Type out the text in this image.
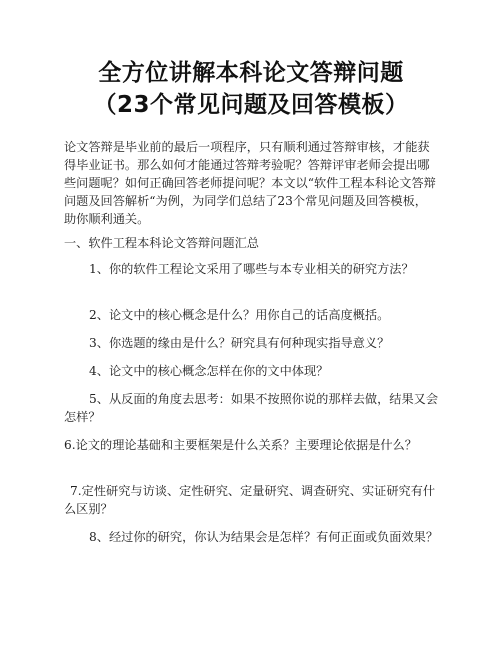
全方位讲解本科论文答辩问题
（23个常见问题及回答模板）

论文答辩是毕业前的最后一项程序，只有顺利通过答辩审核，才能获得毕业证书。那么如何才能通过答辩考验呢？答辩评审老师会提出哪些问题呢？如何正确回答老师提问呢？本文以“软件工程本科论文答辩问题及回答解析“为例，为同学们总结了23个常见问题及回答模板，助你顺利通关。

一、软件工程本科论文答辩问题汇总

1、你的软件工程论文采用了哪些与本专业相关的研究方法？

2、论文中的核心概念是什么？用你自己的话高度概括。

3、你选题的缘由是什么？研究具有何种现实指导意义？

4、论文中的核心概念怎样在你的文中体现？

5、从反面的角度去思考：如果不按照你说的那样去做，结果又会怎样？

6.论文的理论基础和主要框架是什么关系？主要理论依据是什么？

7.定性研究与访谈、定性研究、定量研究、调查研究、实证研究有什么区别？

8、经过你的研究，你认为结果会是怎样？有何正面或负面效果？
